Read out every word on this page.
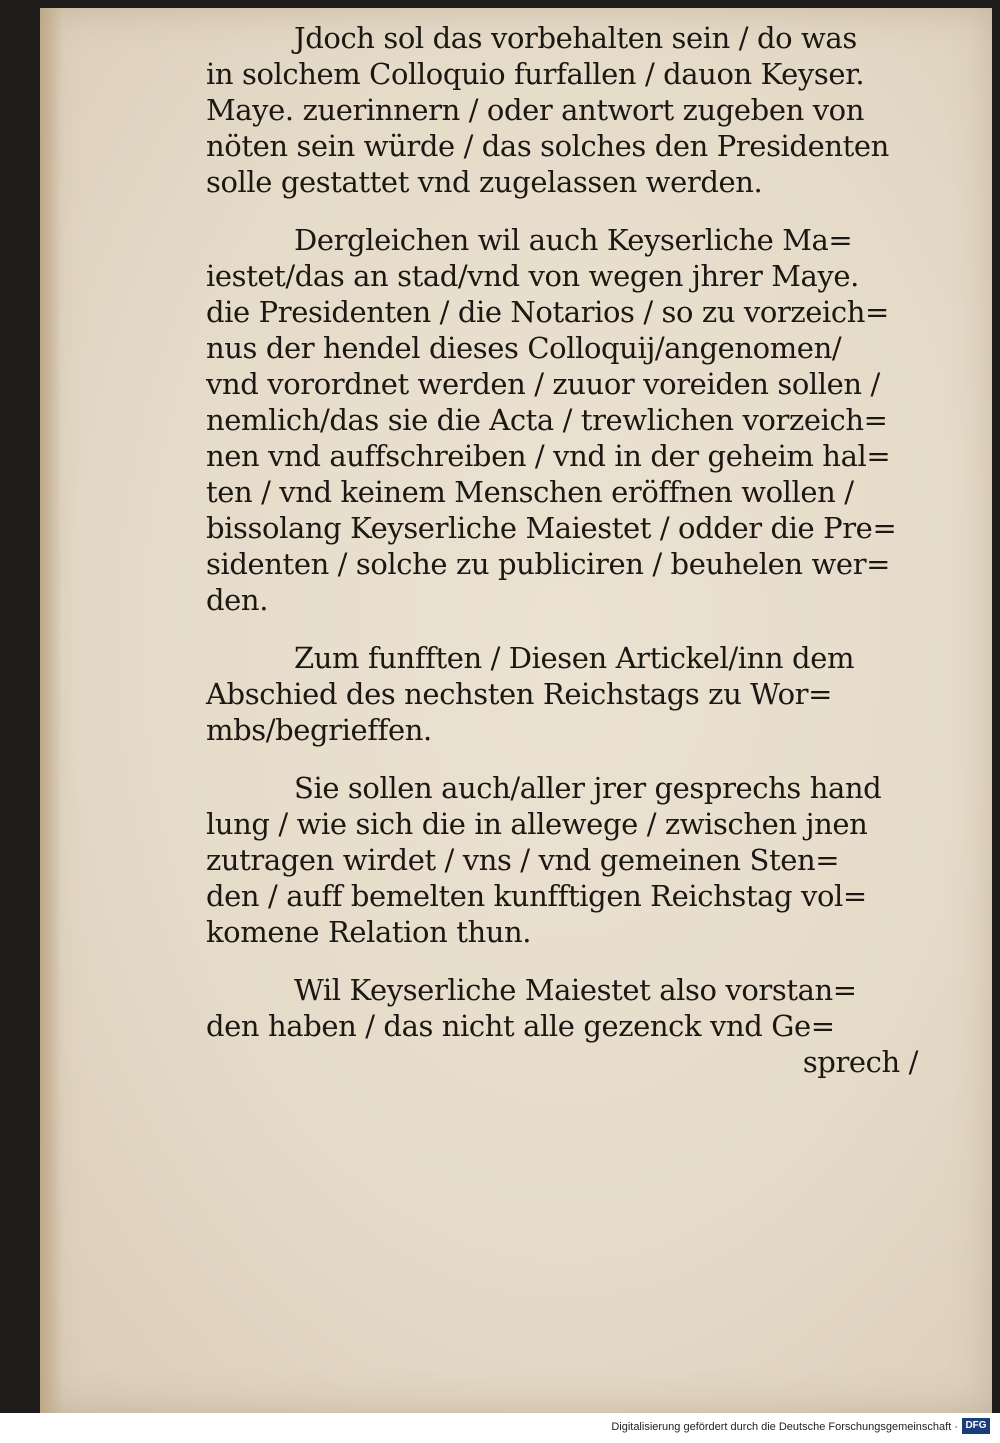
Jdoch sol das vorbehalten sein / do was
in solchem Colloquio furfallen / dauon Keyser.
Maye. zuerinnern / oder antwort zugeben von
nöten sein würde / das solches den Presidenten
solle gestattet vnd zugelassen werden.
Dergleichen wil auch Keyserliche Ma=
iestet/das an stad/vnd von wegen jhrer Maye.
die Presidenten / die Notarios / so zu vorzeich=
nus der hendel dieses Colloquij/angenomen/
vnd vorordnet werden / zuuor voreiden sollen /
nemlich/das sie die Acta / trewlichen vorzeich=
nen vnd auffschreiben / vnd in der geheim hal=
ten / vnd keinem Menschen eröffnen wollen /
bissolang Keyserliche Maiestet / odder die Pre=
sidenten / solche zu publiciren / beuhelen wer=
den.
Zum funfften / Diesen Artickel/inn dem
Abschied des nechsten Reichstags zu Wor=
mbs/begrieffen.
Sie sollen auch/aller jrer gesprechs hand
lung / wie sich die in allewege / zwischen jnen
zutragen wirdet / vns / vnd gemeinen Sten=
den / auff bemelten kunfftigen Reichstag vol=
komene Relation thun.
Wil Keyserliche Maiestet also vorstan=
den haben / das nicht alle gezenck vnd Ge=
sprech /
Digitalisierung gefördert durch die Deutsche Forschungsgemeinschaft · DFG
